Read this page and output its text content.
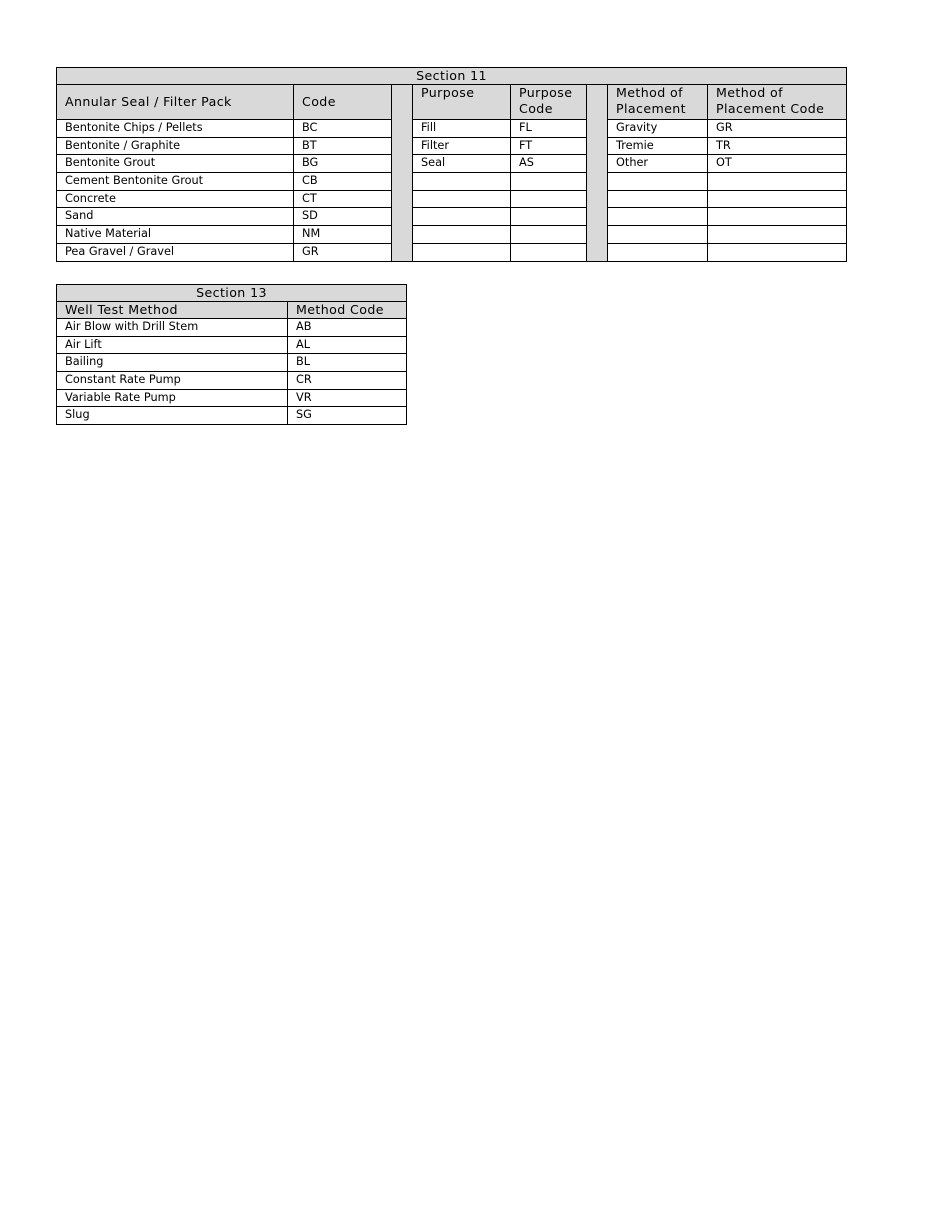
Section 11							
Annular Seal / Filter Pack	Code		Purpose	Purpose Code		Method of Placement	Method of Placement Code
Bentonite Chips / Pellets	BC		Fill	FL		Gravity	GR
Bentonite / Graphite	BT		Filter	FT		Tremie	TR
Bentonite Grout	BG		Seal	AS		Other	OT
Cement Bentonite Grout	CB						
Concrete	CT						
Sand	SD						
Native Material	NM						
Pea Gravel / Gravel	GR						
Section 13	
Well Test Method	Method Code
Air Blow with Drill Stem	AB
Air Lift	AL
Bailing	BL
Constant Rate Pump	CR
Variable Rate Pump	VR
Slug	SG
